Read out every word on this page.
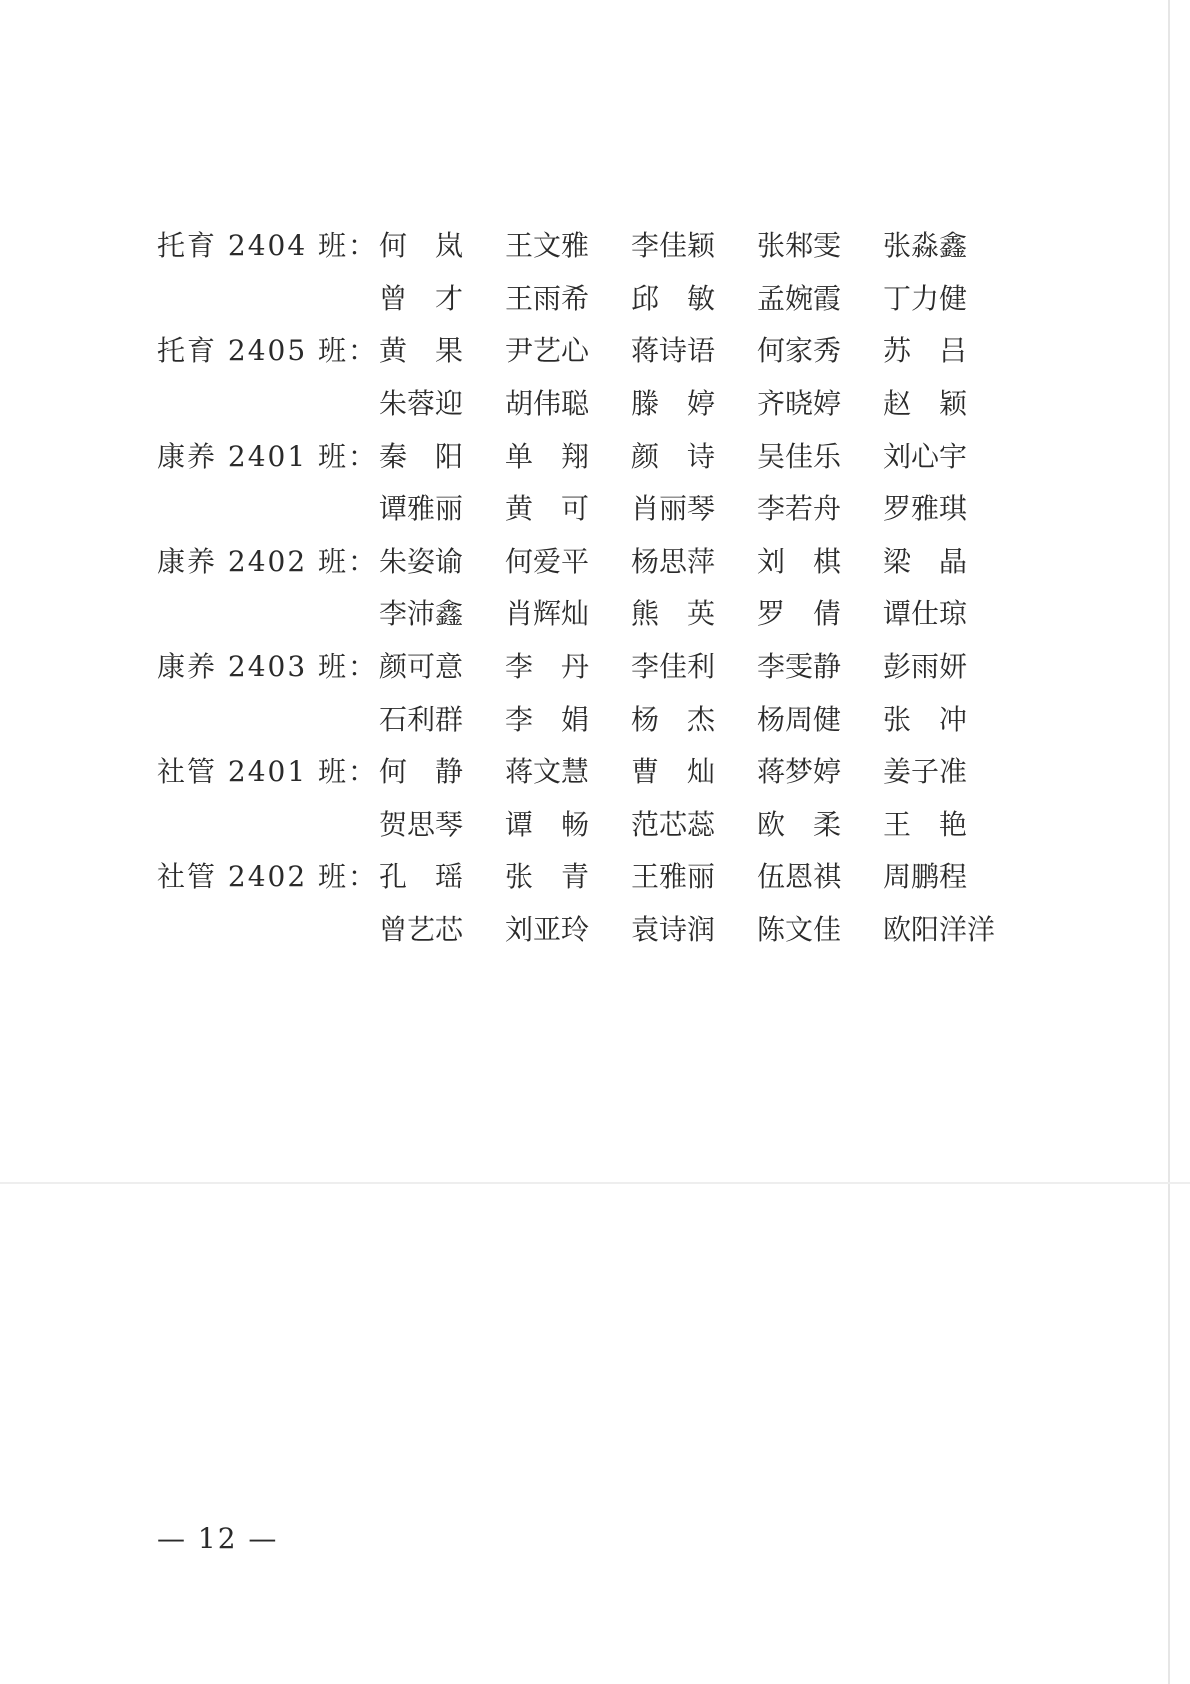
托育 2404 班： 何　岚	王文雅	李佳颖	张邾雯	张淼鑫
曾　才	王雨希	邱　敏	孟婉霞	丁力健
托育 2405 班： 黄　果	尹艺心	蒋诗语	何家秀	苏　吕
朱蓉迎	胡伟聪	滕　婷	齐晓婷	赵　颖
康养 2401 班： 秦　阳	单　翔	颜　诗	吴佳乐	刘心宇
谭雅丽	黄　可	肖丽琴	李若舟	罗雅琪
康养 2402 班： 朱姿谕	何爱平	杨思萍	刘　棋	梁　晶
李沛鑫	肖辉灿	熊　英	罗　倩	谭仕琼
康养 2403 班： 颜可意	李　丹	李佳利	李雯静	彭雨妍
石利群	李　娟	杨　杰	杨周健	张　冲
社管 2401 班： 何　静	蒋文慧	曹　灿	蒋梦婷	姜子准
贺思琴	谭　畅	范芯蕊	欧　柔	王　艳
社管 2402 班： 孔　瑶	张　青	王雅丽	伍恩祺	周鹏程
曾艺芯	刘亚玲	袁诗润	陈文佳	欧阳洋洋
— 12 —
